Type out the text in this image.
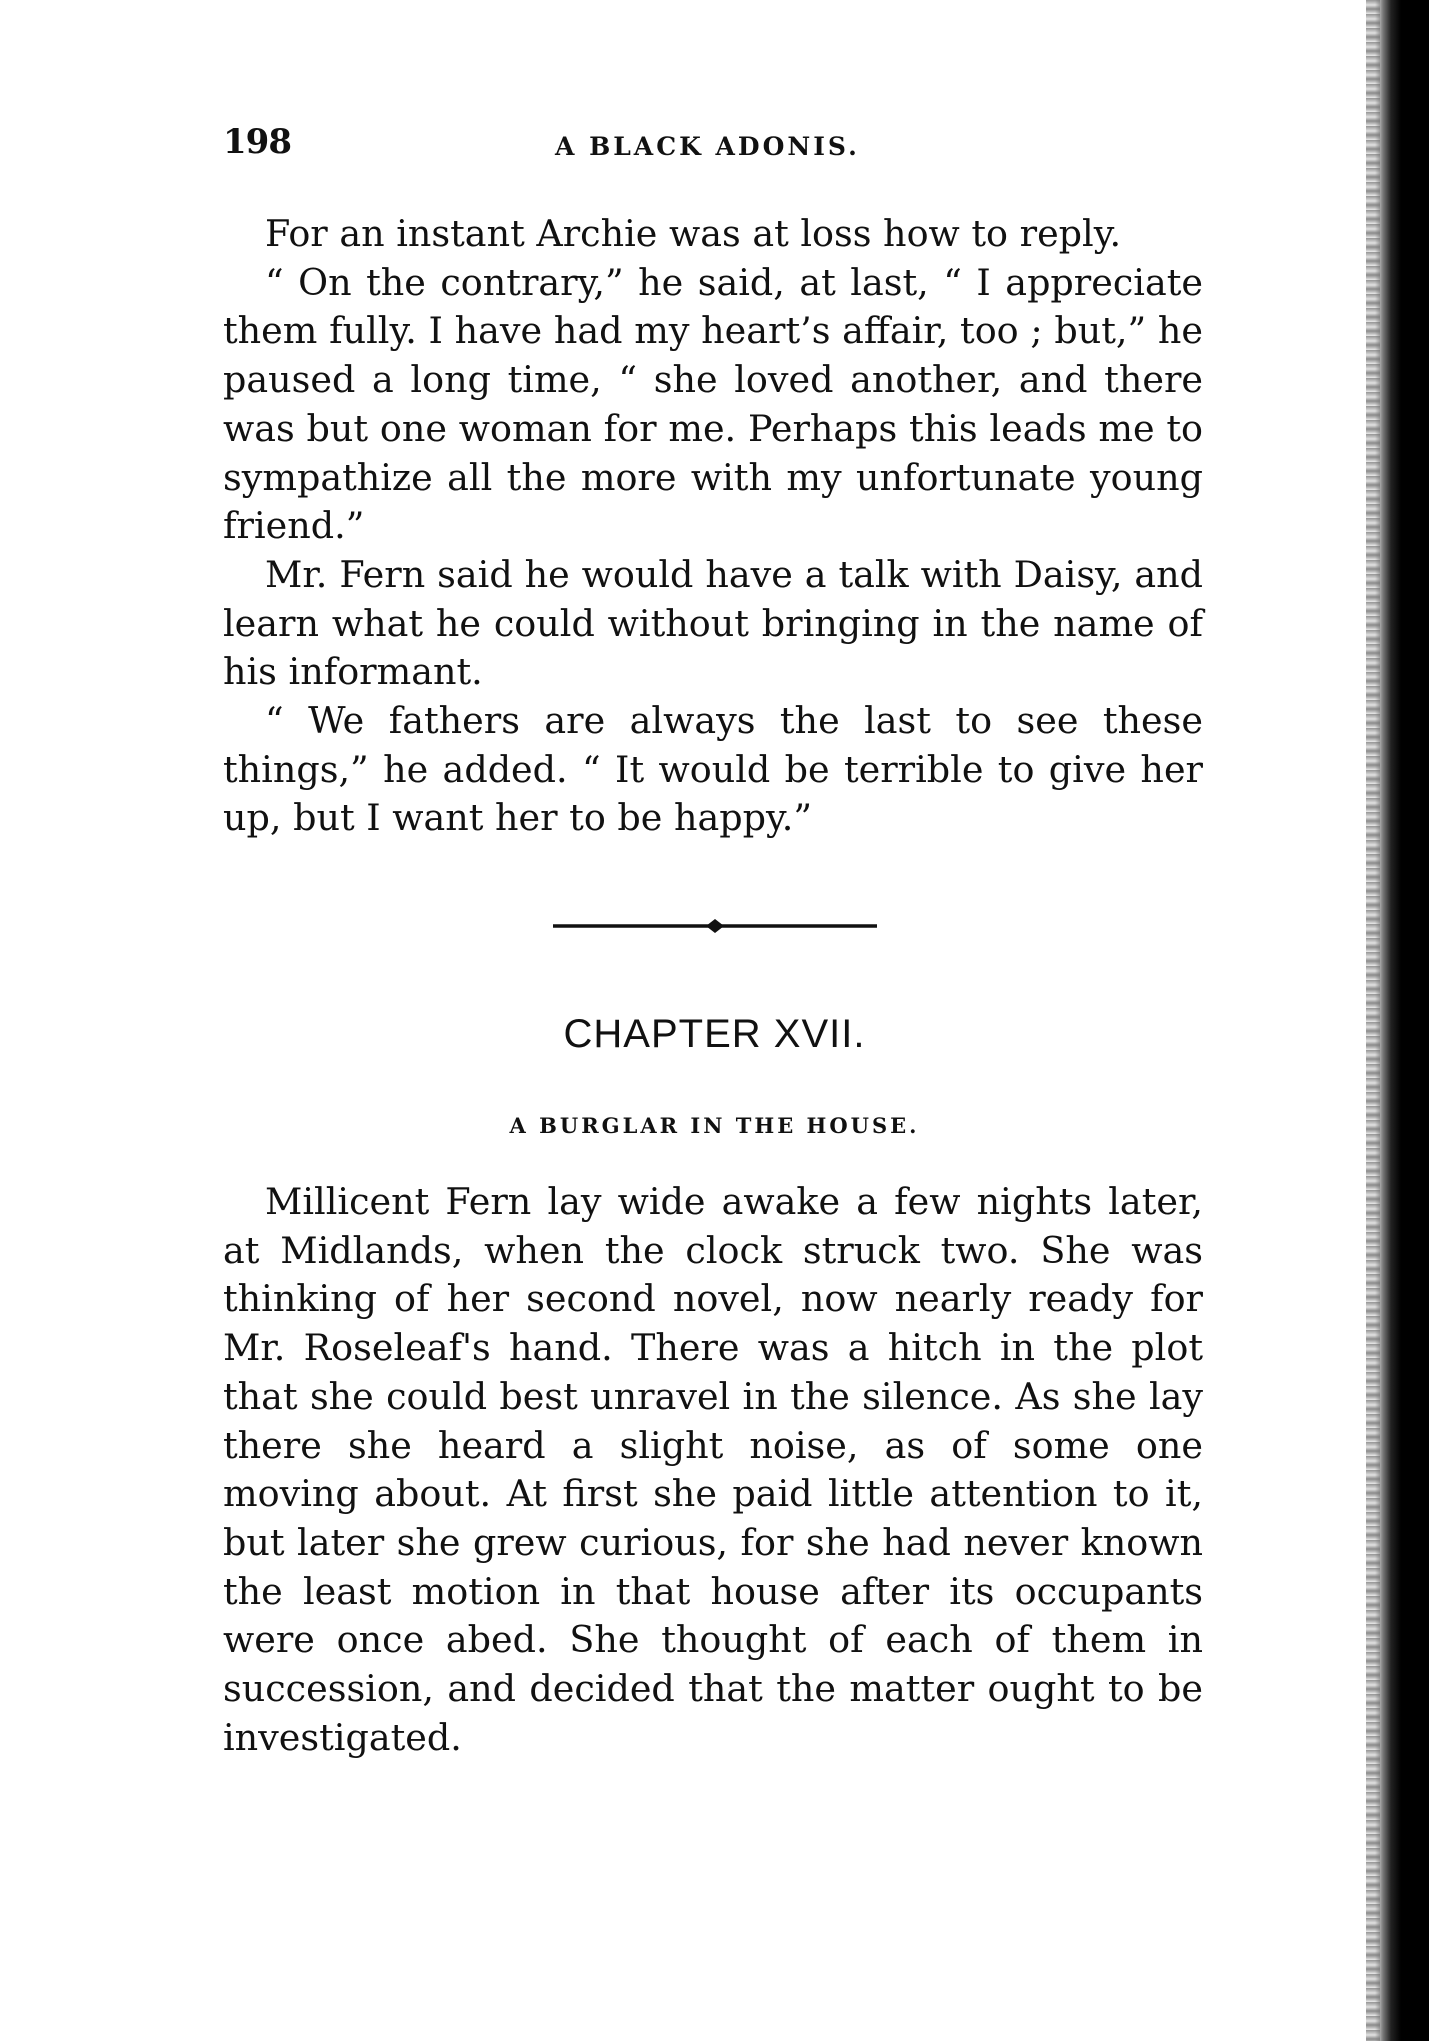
198	A BLACK ADONIS.

For an instant Archie was at loss how to reply.

“ On the contrary,” he said, at last, “ I appreciate them fully. I have had my heart’s affair, too ; but,” he paused a long time, “ she loved another, and there was but one woman for me. Perhaps this leads me to sympathize all the more with my unfortunate young friend.”

Mr. Fern said he would have a talk with Daisy, and learn what he could without bringing in the name of his informant.

“ We fathers are always the last to see these things,” he added. “ It would be terrible to give her up, but I want her to be happy.”

CHAPTER XVII.
A BURGLAR IN THE HOUSE.

Millicent Fern lay wide awake a few nights later, at Midlands, when the clock struck two. She was thinking of her second novel, now nearly ready for Mr. Roseleaf's hand. There was a hitch in the plot that she could best unravel in the silence. As she lay there she heard a slight noise, as of some one moving about. At first she paid little attention to it, but later she grew curious, for she had never known the least motion in that house after its occupants were once abed. She thought of each of them in succession, and decided that the matter ought to be investigated.
